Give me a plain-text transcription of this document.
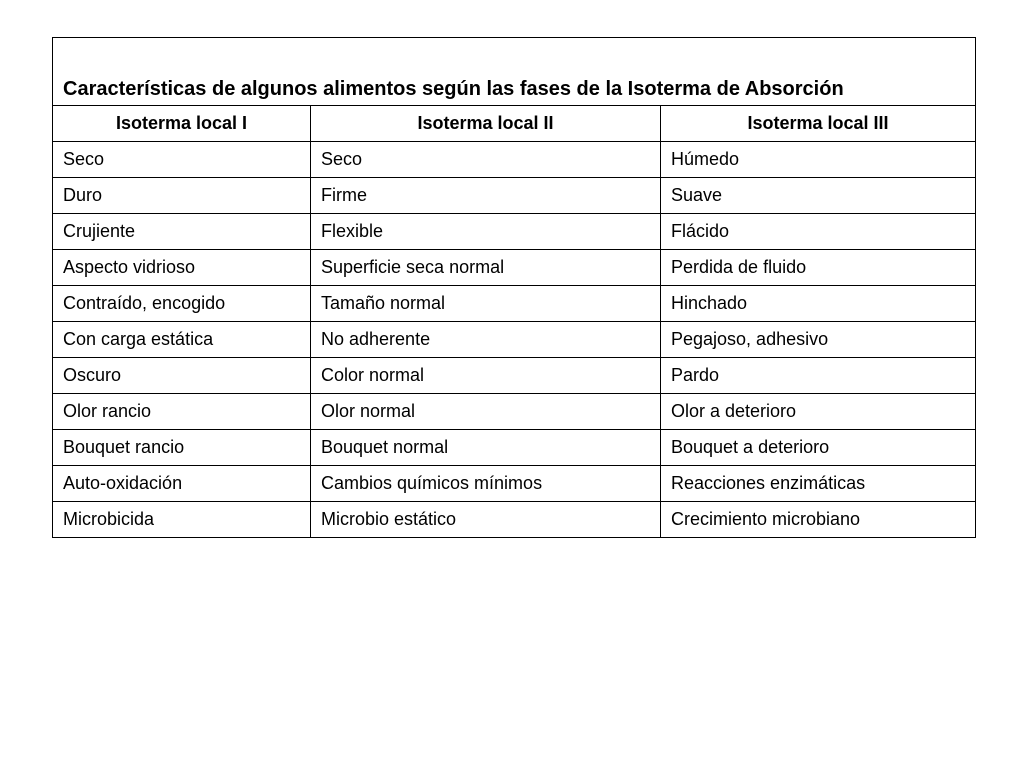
Características de algunos alimentos según las fases de la Isoterma de Absorción		
Isoterma local I	Isoterma local II	Isoterma local III
Seco	Seco	Húmedo
Duro	Firme	Suave
Crujiente	Flexible	Flácido
Aspecto vidrioso	Superficie seca normal	Perdida de fluido
Contraído, encogido	Tamaño normal	Hinchado
Con carga estática	No adherente	Pegajoso, adhesivo
Oscuro	Color normal	Pardo
Olor rancio	Olor normal	Olor a deterioro
Bouquet rancio	Bouquet normal	Bouquet a deterioro
Auto-oxidación	Cambios químicos mínimos	Reacciones enzimáticas
Microbicida	Microbio estático	Crecimiento microbiano
